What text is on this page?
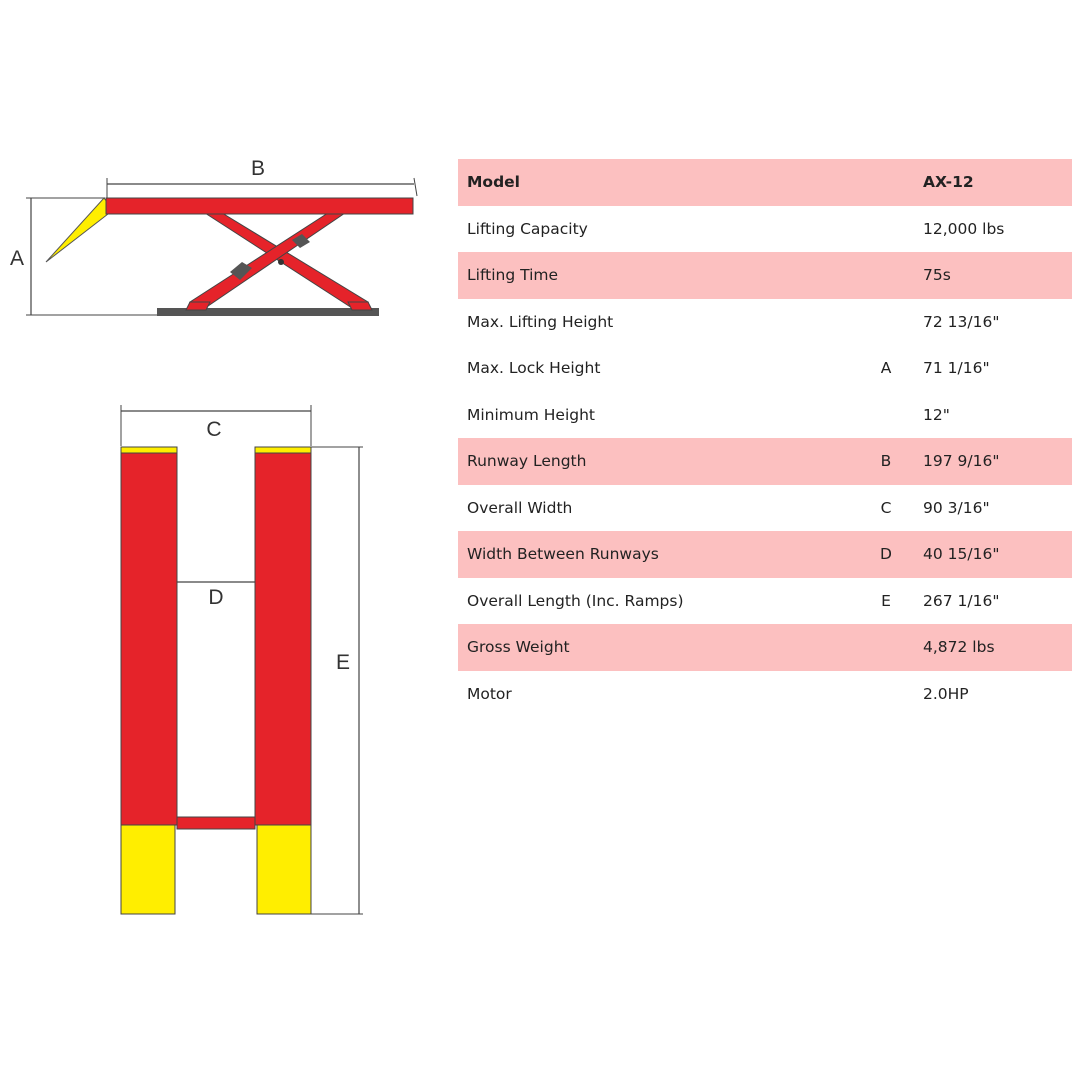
B
A
C
E
D
Model		AX-12
Lifting Capacity		12,000 lbs
Lifting Time		75s
Max. Lifting Height		72 13/16"
Max. Lock Height	A	71 1/16"
Minimum Height		12"
Runway Length	B	197 9/16"
Overall Width	C	90 3/16"
Width Between Runways	D	40 15/16"
Overall Length (Inc. Ramps)	E	267 1/16"
Gross Weight		4,872 lbs
Motor		2.0HP
